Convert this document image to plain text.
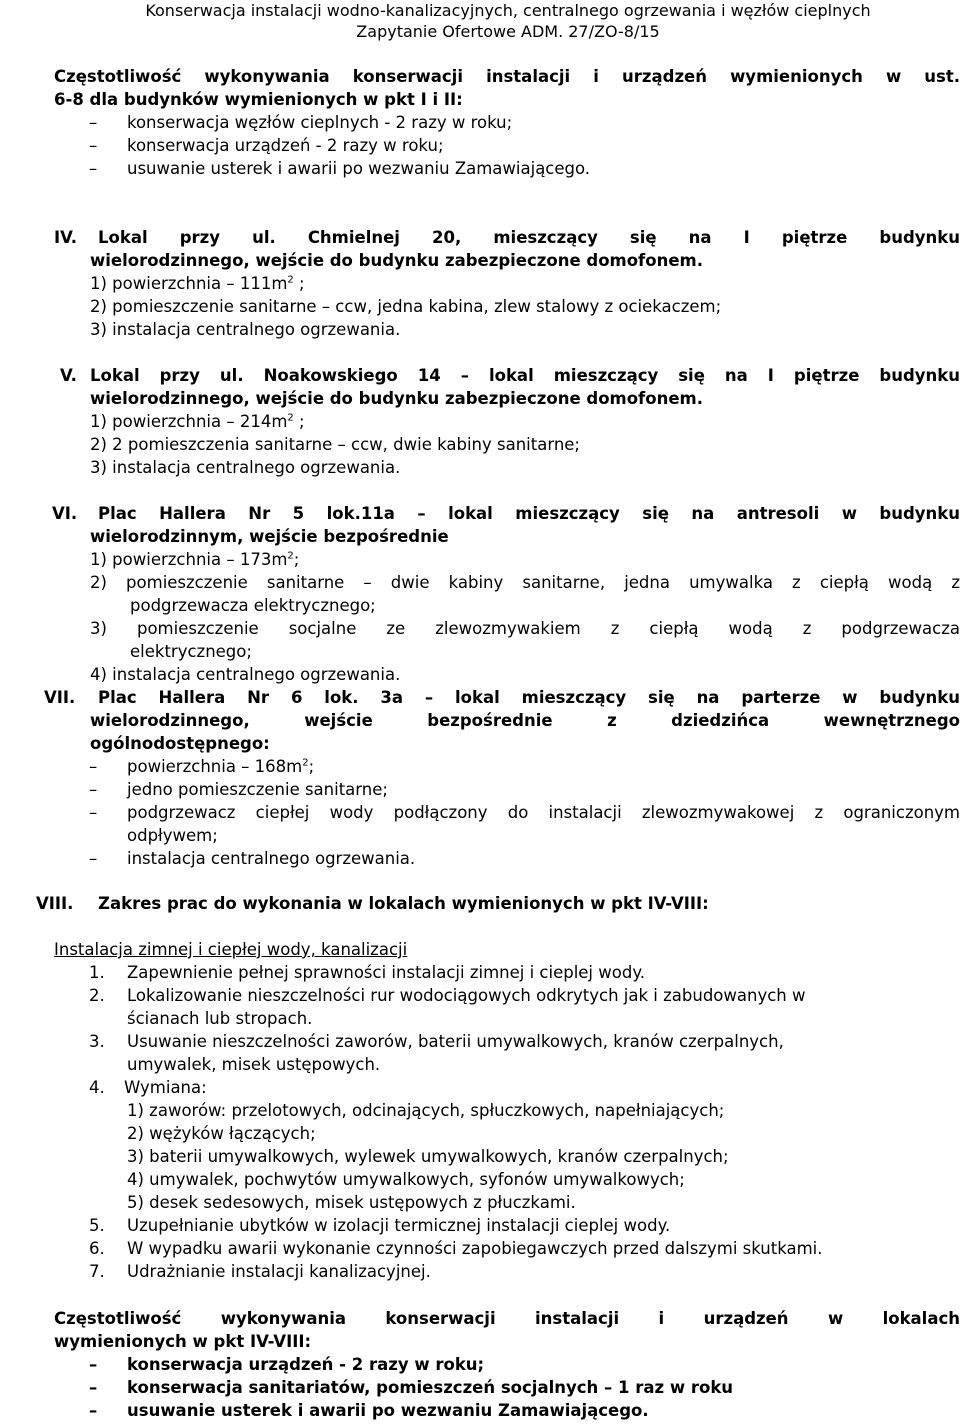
Konserwacja instalacji wodno-kanalizacyjnych, centralnego ogrzewania i węzłów cieplnych
Zapytanie Ofertowe ADM. 27/ZO-8/15
Częstotliwość wykonywania konserwacji instalacji i urządzeń wymienionych w ust.
6-8 dla budynków wymienionych w pkt I i II:
– konserwacja węzłów cieplnych - 2 razy w roku;
– konserwacja urządzeń - 2 razy w roku;
– usuwanie usterek i awarii po wezwaniu Zamawiającego.
IV. Lokal przy ul. Chmielnej 20, mieszczący się na I piętrze budynku
wielorodzinnego, wejście do budynku zabezpieczone domofonem.
1) powierzchnia – $111m^2$ ;
2) pomieszczenie sanitarne – ccw, jedna kabina, zlew stalowy z ociekaczem;
3) instalacja centralnego ogrzewania.
V. Lokal przy ul. Noakowskiego 14 – lokal mieszczący się na I piętrze budynku
wielorodzinnego, wejście do budynku zabezpieczone domofonem.
1) powierzchnia – $214m^2$ ;
2) 2 pomieszczenia sanitarne – ccw, dwie kabiny sanitarne;
3) instalacja centralnego ogrzewania.
VI. Plac Hallera Nr 5 lok.11a – lokal mieszczący się na antresoli w budynku
wielorodzinnym, wejście bezpośrednie
1) powierzchnia – $173m^2$;
2) pomieszczenie sanitarne – dwie kabiny sanitarne, jedna umywalka z ciepłą wodą z
podgrzewacza elektrycznego;
3) pomieszczenie socjalne ze zlewozmywakiem z ciepłą wodą z podgrzewacza
elektrycznego;
4) instalacja centralnego ogrzewania.
VII. Plac Hallera Nr 6 lok. 3a – lokal mieszczący się na parterze w budynku
wielorodzinnego, wejście bezpośrednie z dziedzińca wewnętrznego
ogólnodostępnego:
– powierzchnia – $168m^2$;
– jedno pomieszczenie sanitarne;
– podgrzewacz ciepłej wody podłączony do instalacji zlewozmywakowej z ograniczonym
odpływem;
– instalacja centralnego ogrzewania.
VIII. Zakres prac do wykonania w lokalach wymienionych w pkt IV-VIII:
Instalacja zimnej i ciepłej wody, kanalizacji
1. Zapewnienie pełnej sprawności instalacji zimnej i cieplej wody.
2. Lokalizowanie nieszczelności rur wodociągowych odkrytych jak i zabudowanych w
ścianach lub stropach.
3. Usuwanie nieszczelności zaworów, baterii umywalkowych, kranów czerpalnych,
umywalek, misek ustępowych.
4. Wymiana:
1) zaworów: przelotowych, odcinających, spłuczkowych, napełniających;
2) wężyków łączących;
3) baterii umywalkowych, wylewek umywalkowych, kranów czerpalnych;
4) umywalek, pochwytów umywalkowych, syfonów umywalkowych;
5) desek sedesowych, misek ustępowych z płuczkami.
5. Uzupełnianie ubytków w izolacji termicznej instalacji cieplej wody.
6. W wypadku awarii wykonanie czynności zapobiegawczych przed dalszymi skutkami.
7. Udrażnianie instalacji kanalizacyjnej.
Częstotliwość wykonywania konserwacji instalacji i urządzeń w lokalach
wymienionych w pkt IV-VIII:
– konserwacja urządzeń - 2 razy w roku;
– konserwacja sanitariatów, pomieszczeń socjalnych – 1 raz w roku
– usuwanie usterek i awarii po wezwaniu Zamawiającego.
